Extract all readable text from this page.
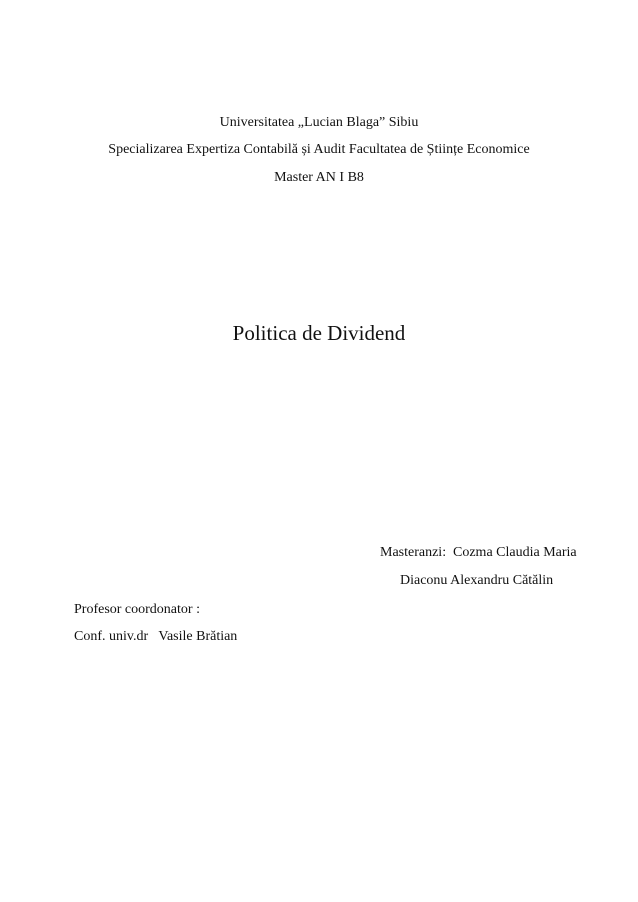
Universitatea „Lucian Blaga” Sibiu
Specializarea Expertiza Contabilă și Audit Facultatea de Științe Economice
Master AN I B8
Politica de Dividend
Masteranzi: Cozma Claudia Maria
Diaconu Alexandru Cătălin
Profesor coordonator :
Conf. univ.dr   Vasile Brătian
